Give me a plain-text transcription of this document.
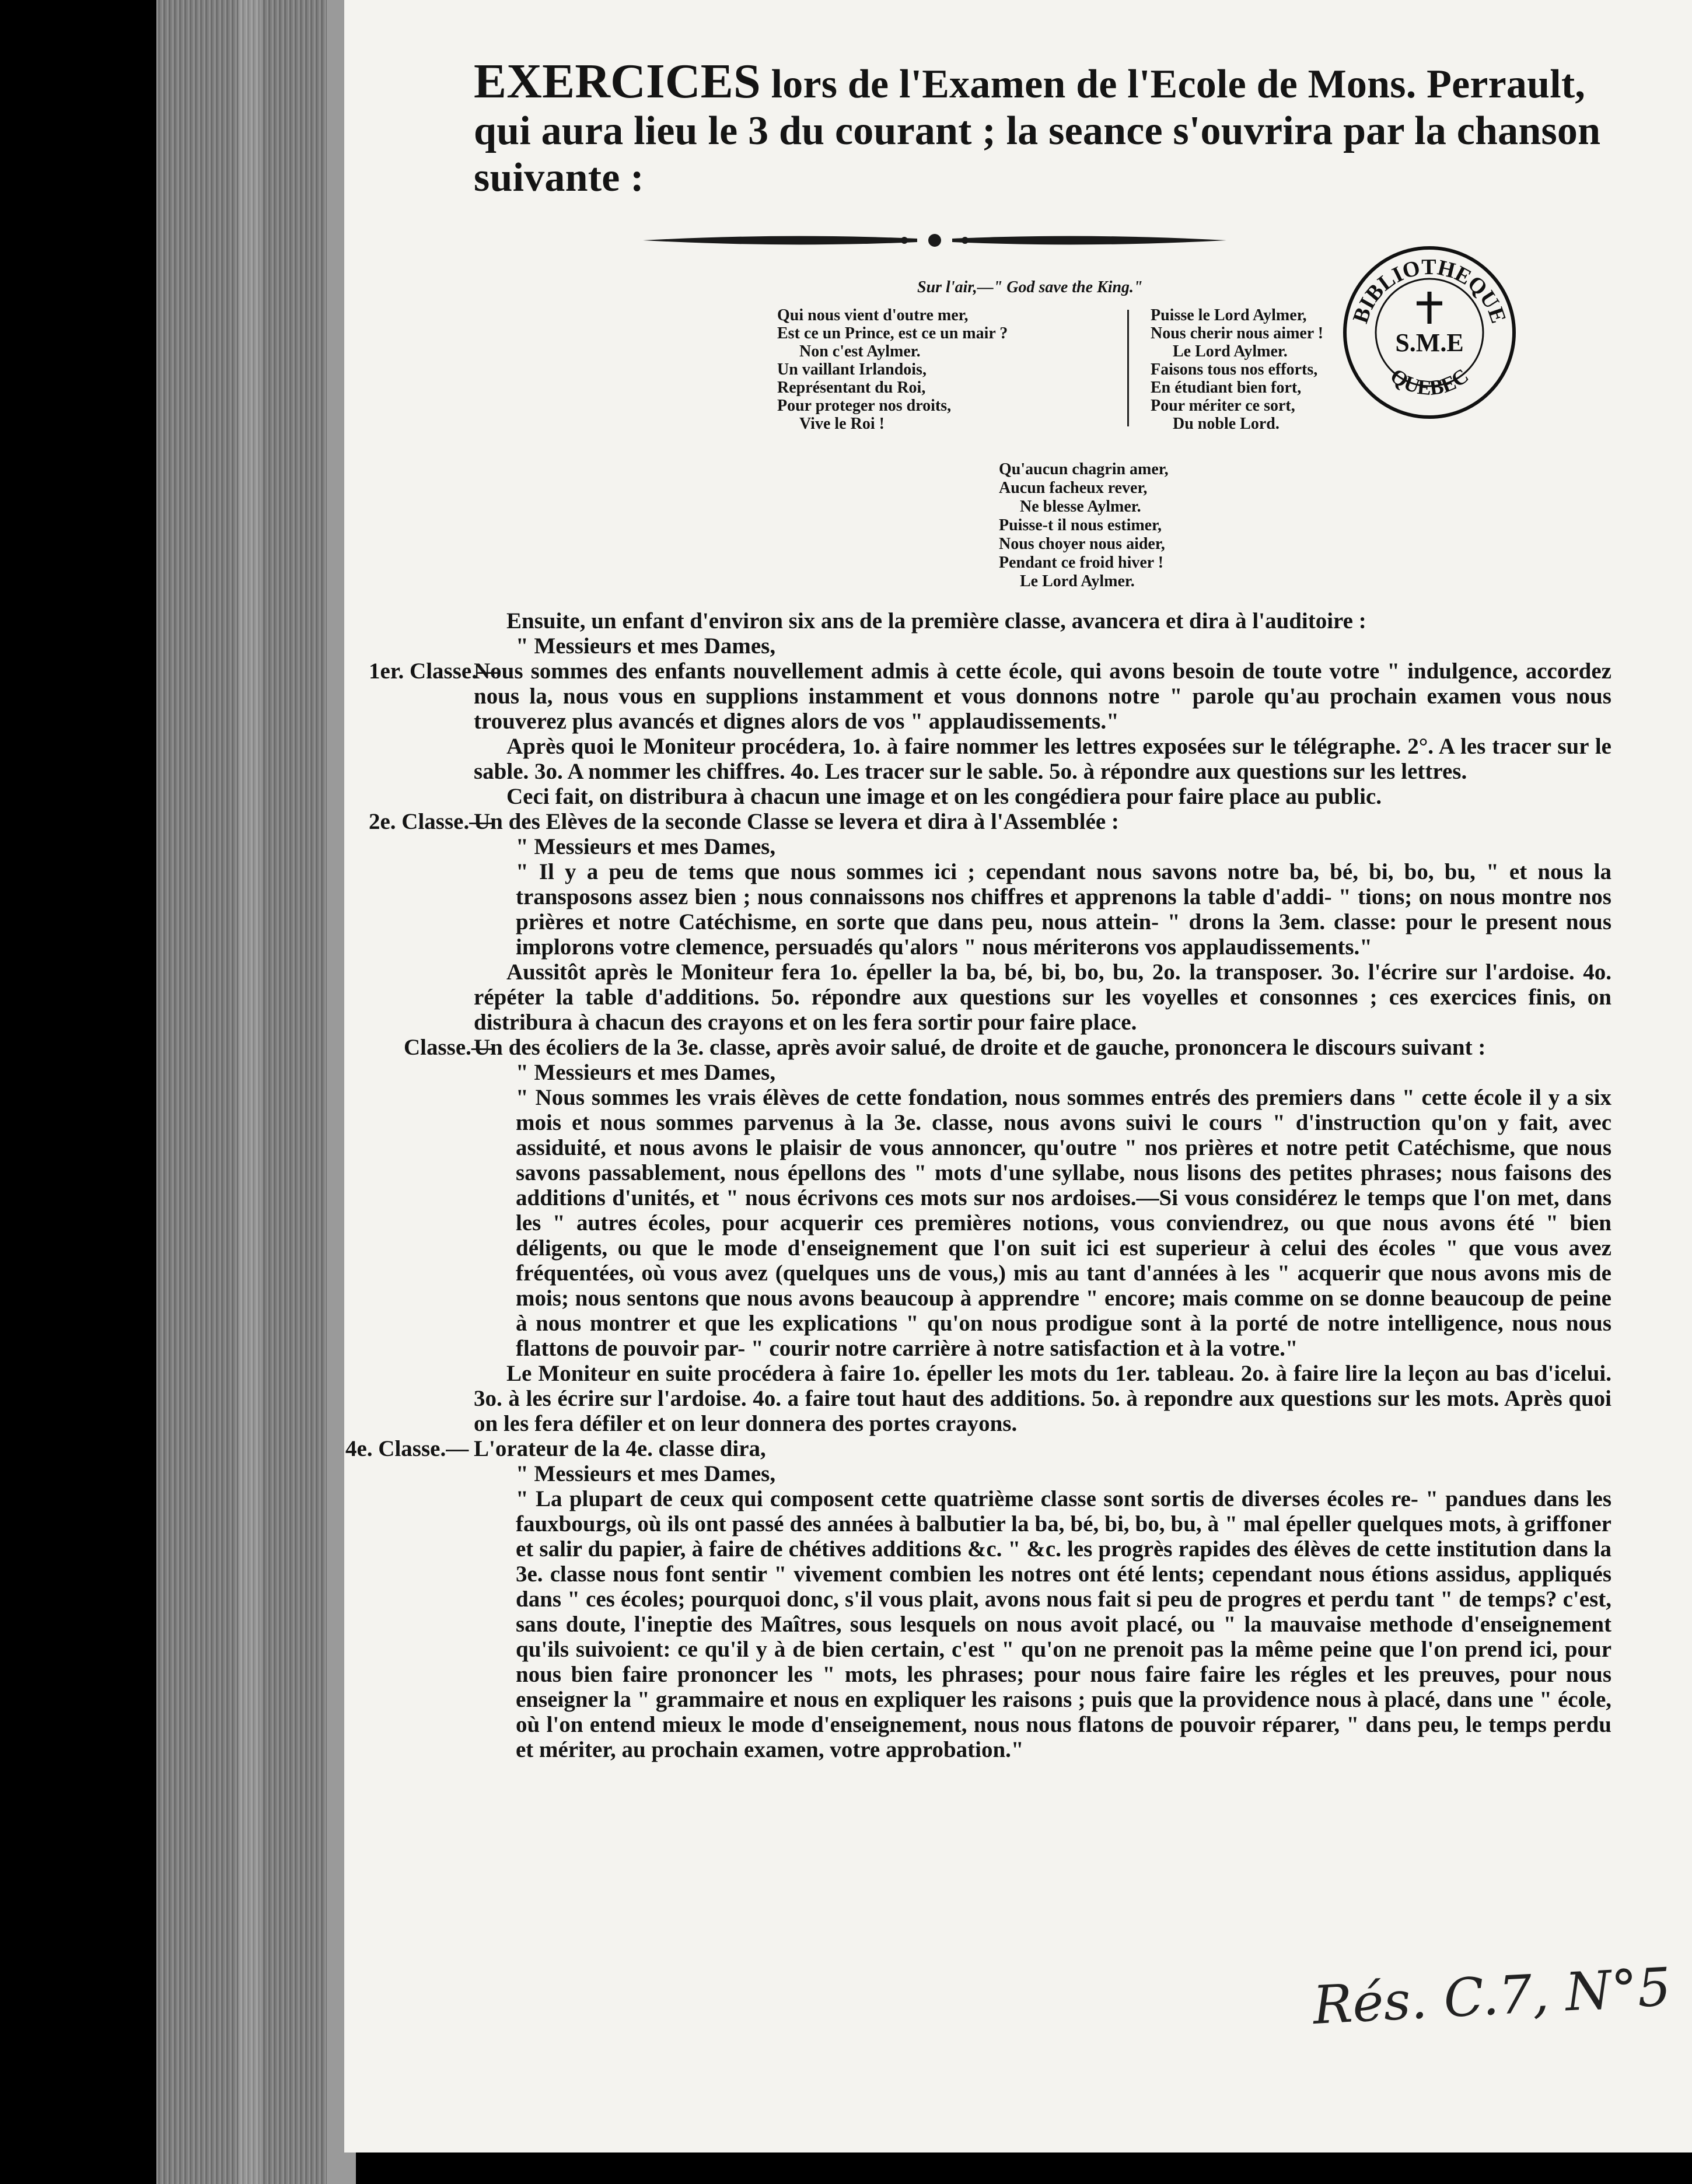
EXERCICES lors de l'Examen de l'Ecole de Mons. Perrault, qui aura lieu le 3 du courant ; la seance s'ouvrira par la chanson suivante :
Sur l'air,—" God save the King."
Qui nous vient d'outre mer,
Est ce un Prince, est ce un mair ?
Non c'est Aylmer.
Un vaillant Irlandois,
Représentant du Roi,
Pour proteger nos droits,
Vive le Roi !
Puisse le Lord Aylmer,
Nous cherir nous aimer !
Le Lord Aylmer.
Faisons tous nos efforts,
En étudiant bien fort,
Pour mériter ce sort,
Du noble Lord.
Qu'aucun chagrin amer,
Aucun facheux rever,
Ne blesse Aylmer.
Puisse-t il nous estimer,
Nous choyer nous aider,
Pendant ce froid hiver !
Le Lord Aylmer.

Ensuite, un enfant d'environ six ans de la première classe, avancera et dira à l'auditoire :

" Messieurs et mes Dames,

1er. Classe.—
Nous sommes des enfants nouvellement admis à cette école, qui avons besoin de toute votre " indulgence, accordez nous la, nous vous en supplions instamment et vous donnons notre " parole qu'au prochain examen vous nous trouverez plus avancés et dignes alors de vos " applaudissements."

Après quoi le Moniteur procédera, 1o. à faire nommer les lettres exposées sur le télégraphe. 2°. A les tracer sur le sable. 3o. A nommer les chiffres. 4o. Les tracer sur le sable. 5o. à répondre aux questions sur les lettres.

Ceci fait, on distribura à chacun une image et on les congédiera pour faire place au public.

2e. Classe.—
Un des Elèves de la seconde Classe se levera et dira à l'Assemblée :

" Messieurs et mes Dames,

" Il y a peu de tems que nous sommes ici ; cependant nous savons notre ba, bé, bi, bo, bu, " et nous la transposons assez bien ; nous connaissons nos chiffres et apprenons la table d'addi- " tions; on nous montre nos prières et notre Catéchisme, en sorte que dans peu, nous attein- " drons la 3em. classe: pour le present nous implorons votre clemence, persuadés qu'alors " nous mériterons vos applaudissements."

Aussitôt après le Moniteur fera 1o. épeller la ba, bé, bi, bo, bu, 2o. la transposer. 3o. l'écrire sur l'ardoise. 4o. répéter la table d'additions. 5o. répondre aux questions sur les voyelles et consonnes ; ces exercices finis, on distribura à chacun des crayons et on les fera sortir pour faire place.

Classe.—
Un des écoliers de la 3e. classe, après avoir salué, de droite et de gauche, prononcera le discours suivant :

" Messieurs et mes Dames,

" Nous sommes les vrais élèves de cette fondation, nous sommes entrés des premiers dans " cette école il y a six mois et nous sommes parvenus à la 3e. classe, nous avons suivi le cours " d'instruction qu'on y fait, avec assiduité, et nous avons le plaisir de vous annoncer, qu'outre " nos prières et notre petit Catéchisme, que nous savons passablement, nous épellons des " mots d'une syllabe, nous lisons des petites phrases; nous faisons des additions d'unités, et " nous écrivons ces mots sur nos ardoises.—Si vous considérez le temps que l'on met, dans les " autres écoles, pour acquerir ces premières notions, vous conviendrez, ou que nous avons été " bien déligents, ou que le mode d'enseignement que l'on suit ici est superieur à celui des écoles " que vous avez fréquentées, où vous avez (quelques uns de vous,) mis au tant d'années à les " acquerir que nous avons mis de mois; nous sentons que nous avons beaucoup à apprendre " encore; mais comme on se donne beaucoup de peine à nous montrer et que les explications " qu'on nous prodigue sont à la porté de notre intelligence, nous nous flattons de pouvoir par- " courir notre carrière à notre satisfaction et à la votre."

Le Moniteur en suite procédera à faire 1o. épeller les mots du 1er. tableau. 2o. à faire lire la leçon au bas d'icelui. 3o. à les écrire sur l'ardoise. 4o. a faire tout haut des additions. 5o. à repondre aux questions sur les mots. Après quoi on les fera défiler et on leur donnera des portes crayons.

4e. Classe.— L'orateur de la 4e. classe dira,

" Messieurs et mes Dames,

" La plupart de ceux qui composent cette quatrième classe sont sortis de diverses écoles re- " pandues dans les fauxbourgs, où ils ont passé des années à balbutier la ba, bé, bi, bo, bu, à " mal épeller quelques mots, à griffoner et salir du papier, à faire de chétives additions &c. " &c. les progrès rapides des élèves de cette institution dans la 3e. classe nous font sentir " vivement combien les notres ont été lents; cependant nous étions assidus, appliqués dans " ces écoles; pourquoi donc, s'il vous plait, avons nous fait si peu de progres et perdu tant " de temps? c'est, sans doute, l'ineptie des Maîtres, sous lesquels on nous avoit placé, ou " la mauvaise methode d'enseignement qu'ils suivoient: ce qu'il y à de bien certain, c'est " qu'on ne prenoit pas la même peine que l'on prend ici, pour nous bien faire prononcer les " mots, les phrases; pour nous faire faire les régles et les preuves, pour nous enseigner la " grammaire et nous en expliquer les raisons ; puis que la providence nous à placé, dans une " école, où l'on entend mieux le mode d'enseignement, nous nous flatons de pouvoir réparer, " dans peu, le temps perdu et mériter, au prochain examen, votre approbation."

BIBLIOTHEQUE
QUEBEC
S.M.E
Rés. C.7, N°5
